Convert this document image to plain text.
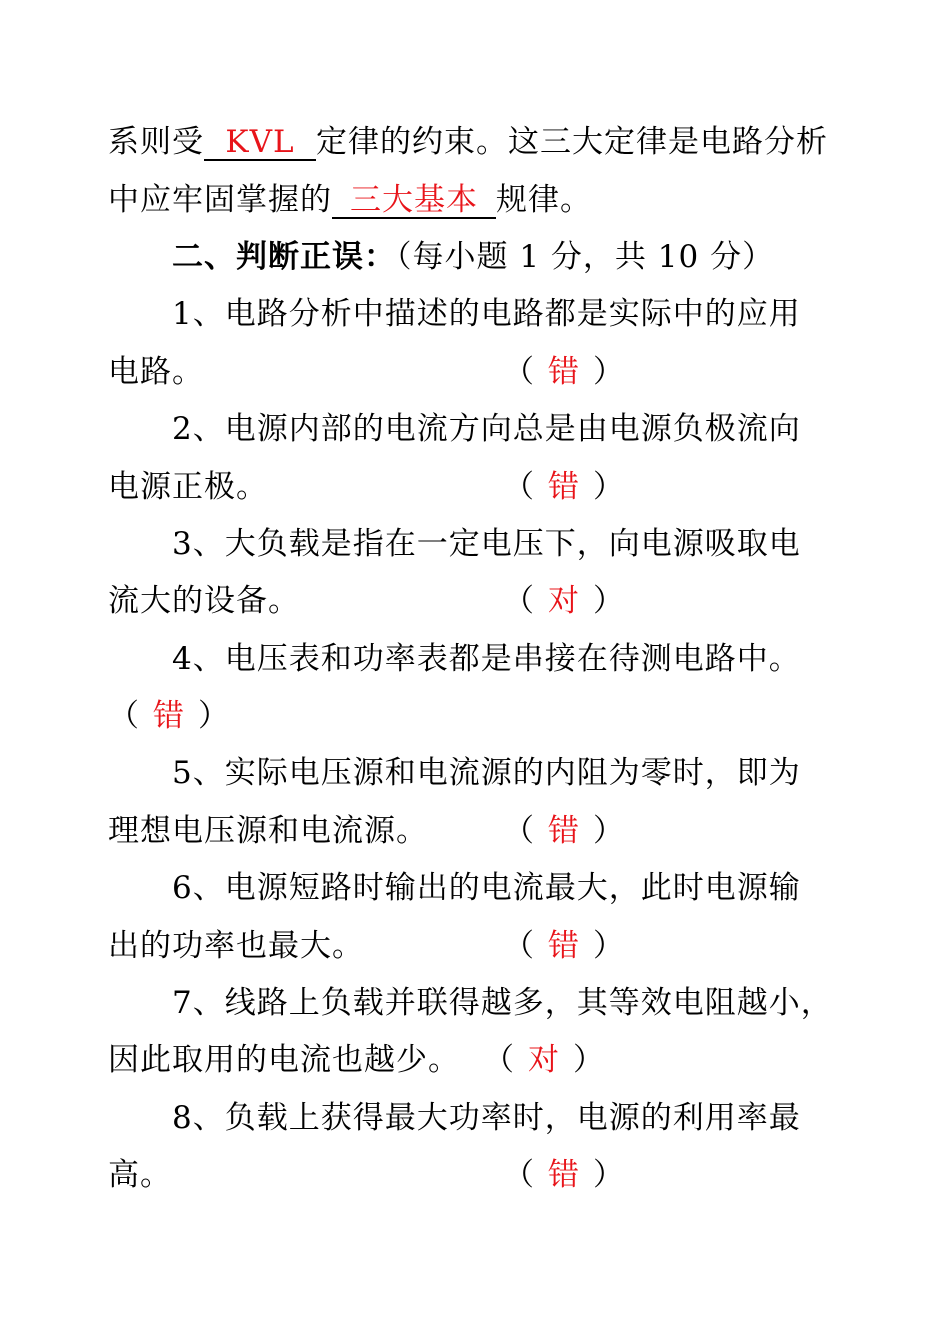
系则受 KVL 定律的约束。这三大定律是电路分析
中应牢固掌握的 三大基本 规律。
二、判断正误：（每小题 1 分，共 10 分）
1、电路分析中描述的电路都是实际中的应用
电路。	（ 错 ）
2、电源内部的电流方向总是由电源负极流向
电源正极。	（ 错 ）
3、大负载是指在一定电压下，向电源吸取电
流大的设备。	（ 对 ）
4、电压表和功率表都是串接在待测电路中。
（ 错 ）
5、实际电压源和电流源的内阻为零时，即为
理想电压源和电流源。 （ 错 ）
6、电源短路时输出的电流最大，此时电源输
出的功率也最大。	（ 错 ）
7、线路上负载并联得越多，其等效电阻越小，
因此取用的电流也越少。 （ 对 ）
8、负载上获得最大功率时，电源的利用率最
高。	（ 错 ）
